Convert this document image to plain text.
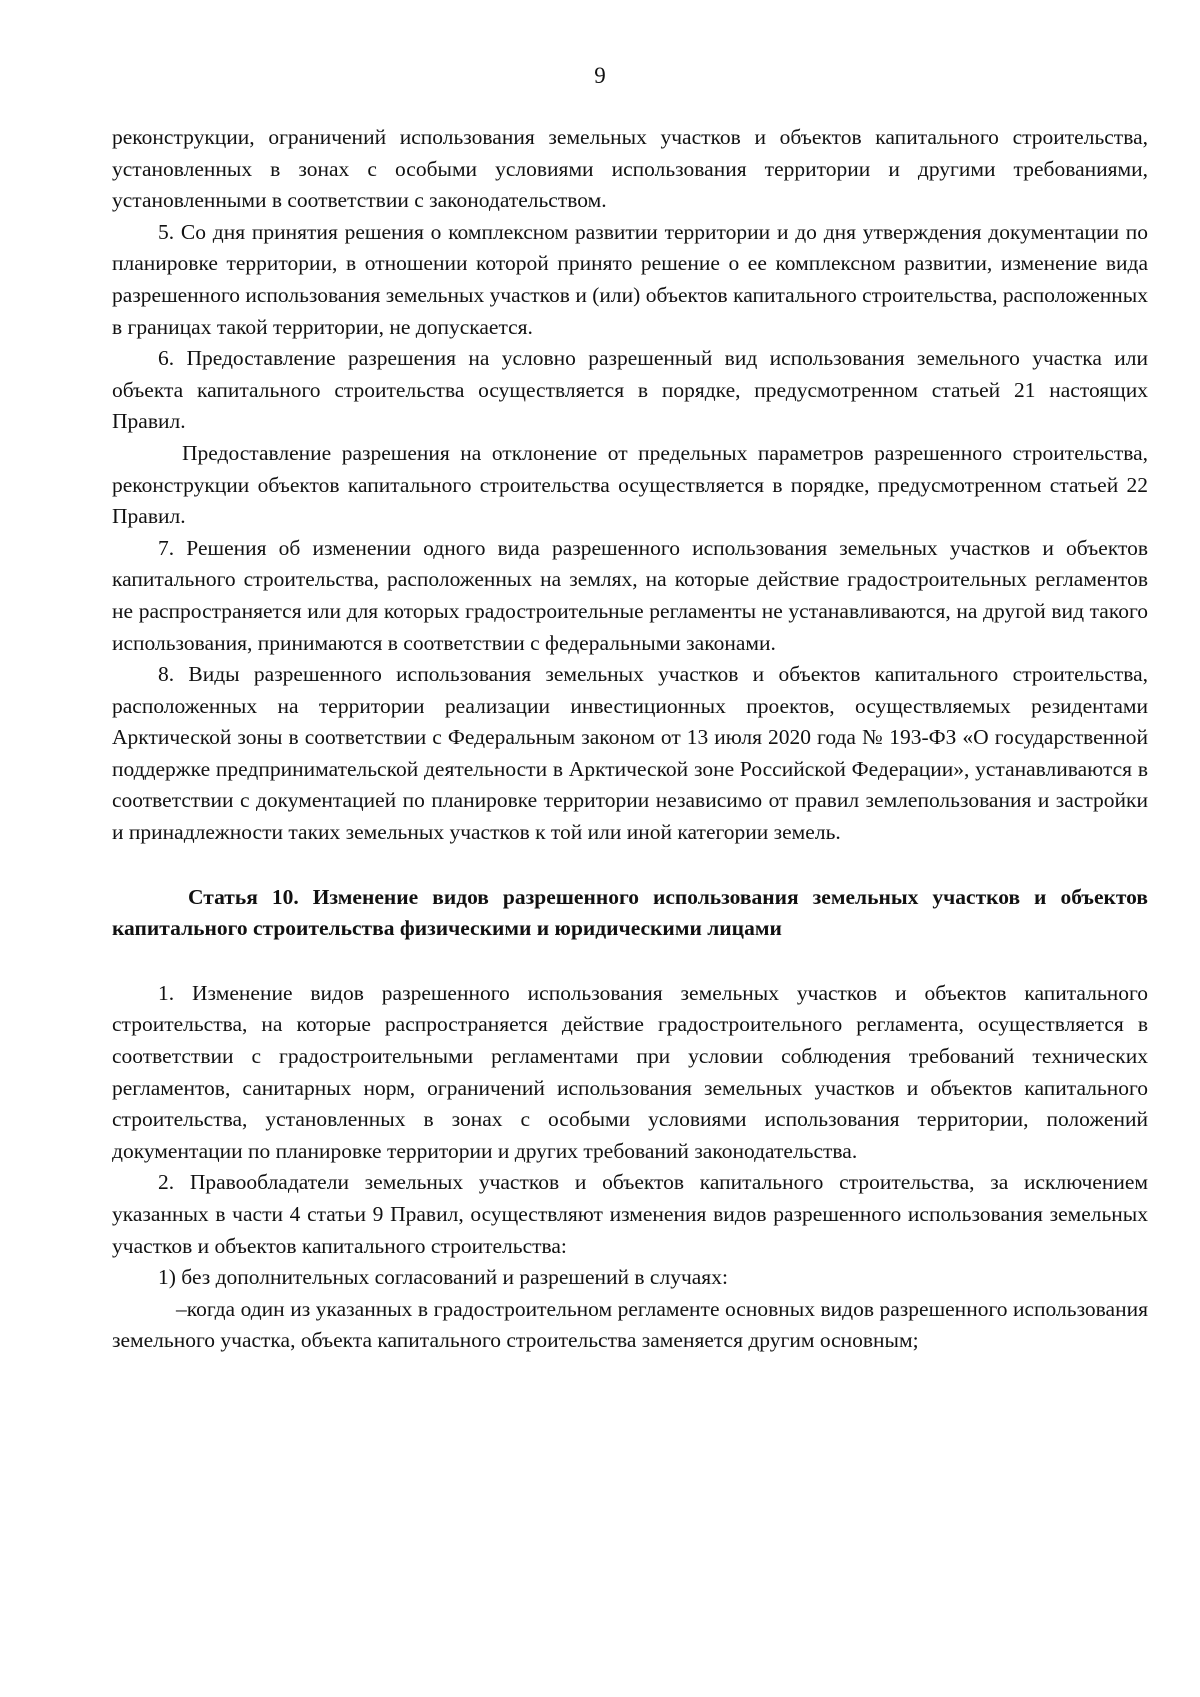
9

реконструкции, ограничений использования земельных участков и объектов капитального строительства, установленных в зонах с особыми условиями использования территории и другими требованиями, установленными в соответствии с законодательством.

5. Со дня принятия решения о комплексном развитии территории и до дня утверждения документации по планировке территории, в отношении которой принято решение о ее комплексном развитии, изменение вида разрешенного использования земельных участков и (или) объектов капитального строительства, расположенных в границах такой территории, не допускается.

6. Предоставление разрешения на условно разрешенный вид использования земельного участка или объекта капитального строительства осуществляется в порядке, предусмотренном статьей 21 настоящих Правил.

Предоставление разрешения на отклонение от предельных параметров разрешенного строительства, реконструкции объектов капитального строительства осуществляется в порядке, предусмотренном статьей 22 Правил.

7. Решения об изменении одного вида разрешенного использования земельных участков и объектов капитального строительства, расположенных на землях, на которые действие градостроительных регламентов не распространяется или для которых градостроительные регламенты не устанавливаются, на другой вид такого использования, принимаются в соответствии с федеральными законами.

8. Виды разрешенного использования земельных участков и объектов капитального строительства, расположенных на территории реализации инвестиционных проектов, осуществляемых резидентами Арктической зоны в соответствии с Федеральным законом от 13 июля 2020 года № 193-ФЗ «О государственной поддержке предпринимательской деятельности в Арктической зоне Российской Федерации», устанавливаются в соответствии с документацией по планировке территории независимо от правил землепользования и застройки и принадлежности таких земельных участков к той или иной категории земель.

Статья 10. Изменение видов разрешенного использования земельных участков и объектов капитального строительства физическими и юридическими лицами

1. Изменение видов разрешенного использования земельных участков и объектов капитального строительства, на которые распространяется действие градостроительного регламента, осуществляется в соответствии с градостроительными регламентами при условии соблюдения требований технических регламентов, санитарных норм, ограничений использования земельных участков и объектов капитального строительства, установленных в зонах с особыми условиями использования территории, положений документации по планировке территории и других требований законодательства.

2. Правообладатели земельных участков и объектов капитального строительства, за исключением указанных в части 4 статьи 9 Правил, осуществляют изменения видов разрешенного использования земельных участков и объектов капитального строительства:

1) без дополнительных согласований и разрешений в случаях:

–когда один из указанных в градостроительном регламенте основных видов разрешенного использования земельного участка, объекта капитального строительства заменяется другим основным;
